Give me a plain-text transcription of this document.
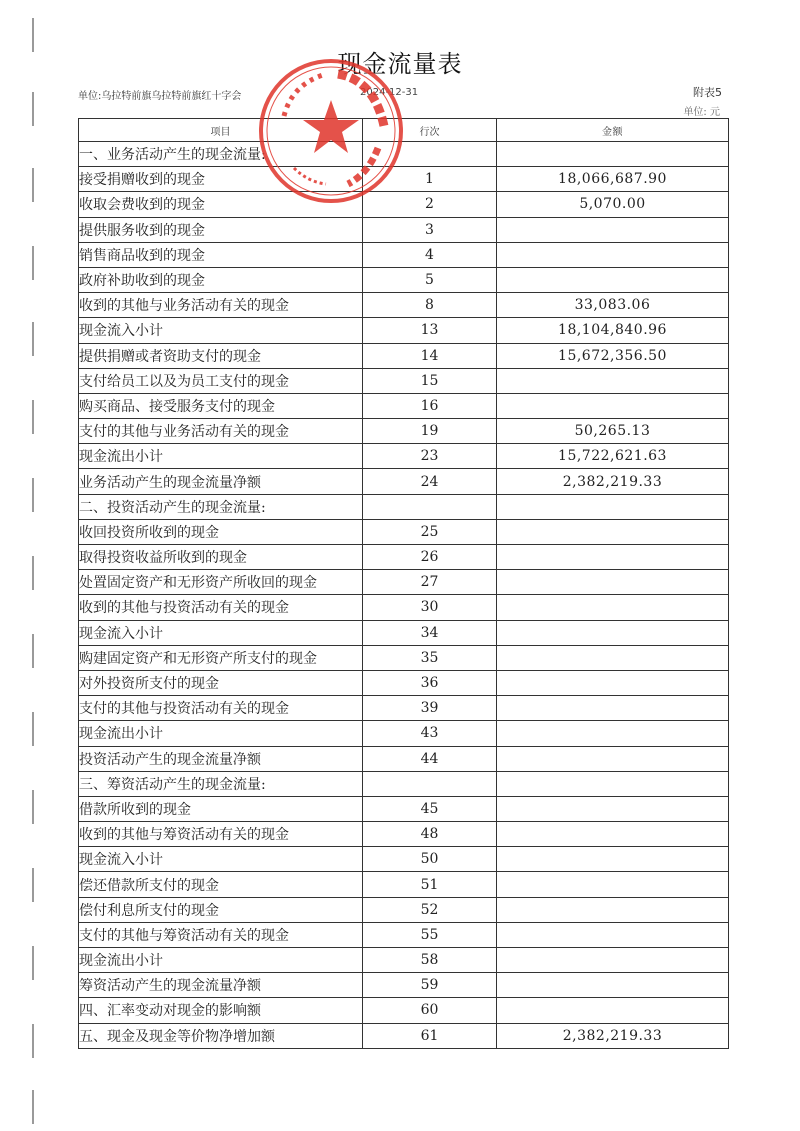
现金流量表
单位:乌拉特前旗乌拉特前旗红十字会	2024-12-31	附表5
单位: 元
项目	行次	金额
一、业务活动产生的现金流量:		
接受捐赠收到的现金	1	18,066,687.90
收取会费收到的现金	2	5,070.00
提供服务收到的现金	3	
销售商品收到的现金	4	
政府补助收到的现金	5	
收到的其他与业务活动有关的现金	8	33,083.06
现金流入小计	13	18,104,840.96
提供捐赠或者资助支付的现金	14	15,672,356.50
支付给员工以及为员工支付的现金	15	
购买商品、接受服务支付的现金	16	
支付的其他与业务活动有关的现金	19	50,265.13
现金流出小计	23	15,722,621.63
业务活动产生的现金流量净额	24	2,382,219.33
二、投资活动产生的现金流量:		
收回投资所收到的现金	25	
取得投资收益所收到的现金	26	
处置固定资产和无形资产所收回的现金	27	
收到的其他与投资活动有关的现金	30	
现金流入小计	34	
购建固定资产和无形资产所支付的现金	35	
对外投资所支付的现金	36	
支付的其他与投资活动有关的现金	39	
现金流出小计	43	
投资活动产生的现金流量净额	44	
三、筹资活动产生的现金流量:		
借款所收到的现金	45	
收到的其他与筹资活动有关的现金	48	
现金流入小计	50	
偿还借款所支付的现金	51	
偿付利息所支付的现金	52	
支付的其他与筹资活动有关的现金	55	
现金流出小计	58	
筹资活动产生的现金流量净额	59	
四、汇率变动对现金的影响额	60	
五、现金及现金等价物净增加额	61	2,382,219.33
